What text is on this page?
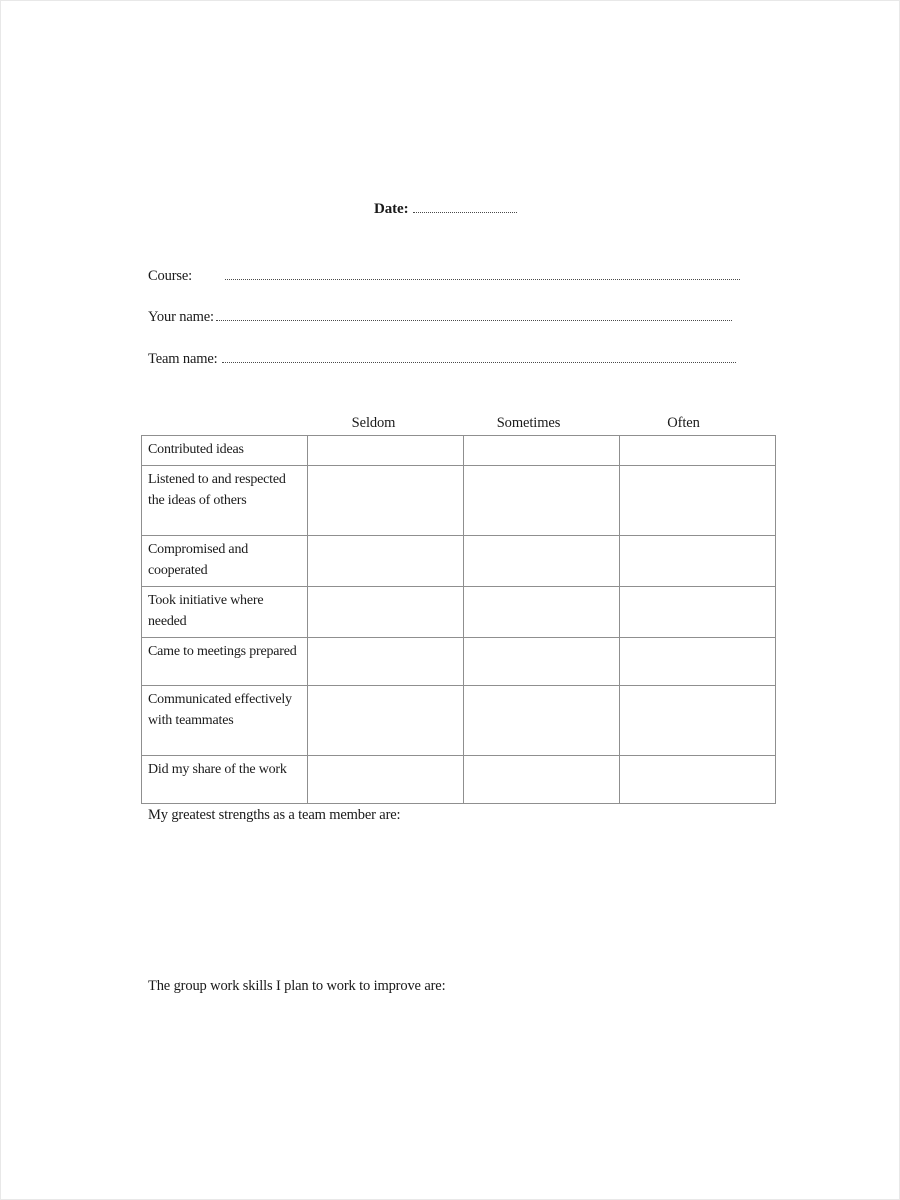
Date:
Course:
Your name:
Team name:
Seldom	Sometimes	Often
Contributed ideas			
Listened to and respected the ideas of others			
Compromised and cooperated			
Took initiative where needed			
Came to meetings prepared			
Communicated effectively with teammates			
Did my share of the work			
My greatest strengths as a team member are:
The group work skills I plan to work to improve are:
